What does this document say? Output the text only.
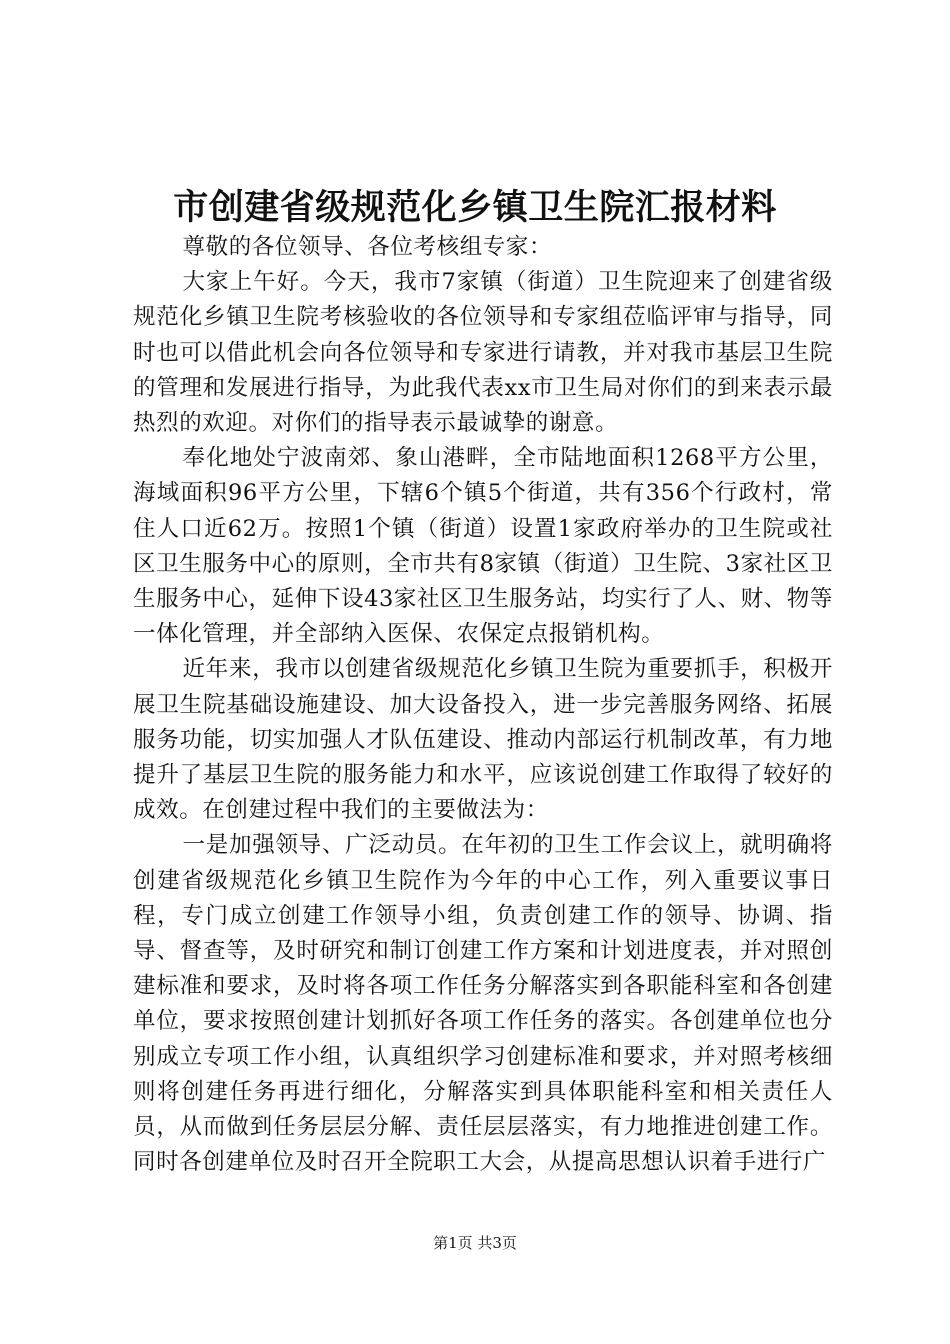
市创建省级规范化乡镇卫生院汇报材料

尊敬的各位领导、各位考核组专家：

大家上午好。今天，我市7家镇（街道）卫生院迎来了创建省级规范化乡镇卫生院考核验收的各位领导和专家组莅临评审与指导，同时也可以借此机会向各位领导和专家进行请教，并对我市基层卫生院的管理和发展进行指导，为此我代表xx市卫生局对你们的到来表示最热烈的欢迎。对你们的指导表示最诚挚的谢意。

奉化地处宁波南郊、象山港畔，全市陆地面积1268平方公里，海域面积96平方公里，下辖6个镇5个街道，共有356个行政村，常住人口近62万。按照1个镇（街道）设置1家政府举办的卫生院或社区卫生服务中心的原则，全市共有8家镇（街道）卫生院、3家社区卫生服务中心，延伸下设43家社区卫生服务站，均实行了人、财、物等一体化管理，并全部纳入医保、农保定点报销机构。

近年来，我市以创建省级规范化乡镇卫生院为重要抓手，积极开展卫生院基础设施建设、加大设备投入，进一步完善服务网络、拓展服务功能，切实加强人才队伍建设、推动内部运行机制改革，有力地提升了基层卫生院的服务能力和水平，应该说创建工作取得了较好的成效。在创建过程中我们的主要做法为：

一是加强领导、广泛动员。在年初的卫生工作会议上，就明确将创建省级规范化乡镇卫生院作为今年的中心工作，列入重要议事日程，专门成立创建工作领导小组，负责创建工作的领导、协调、指导、督查等，及时研究和制订创建工作方案和计划进度表，并对照创建标准和要求，及时将各项工作任务分解落实到各职能科室和各创建单位，要求按照创建计划抓好各项工作任务的落实。各创建单位也分别成立专项工作小组，认真组织学习创建标准和要求，并对照考核细则将创建任务再进行细化，分解落实到具体职能科室和相关责任人员，从而做到任务层层分解、责任层层落实，有力地推进创建工作。同时各创建单位及时召开全院职工大会，从提高思想认识着手进行广

第1页 共3页
